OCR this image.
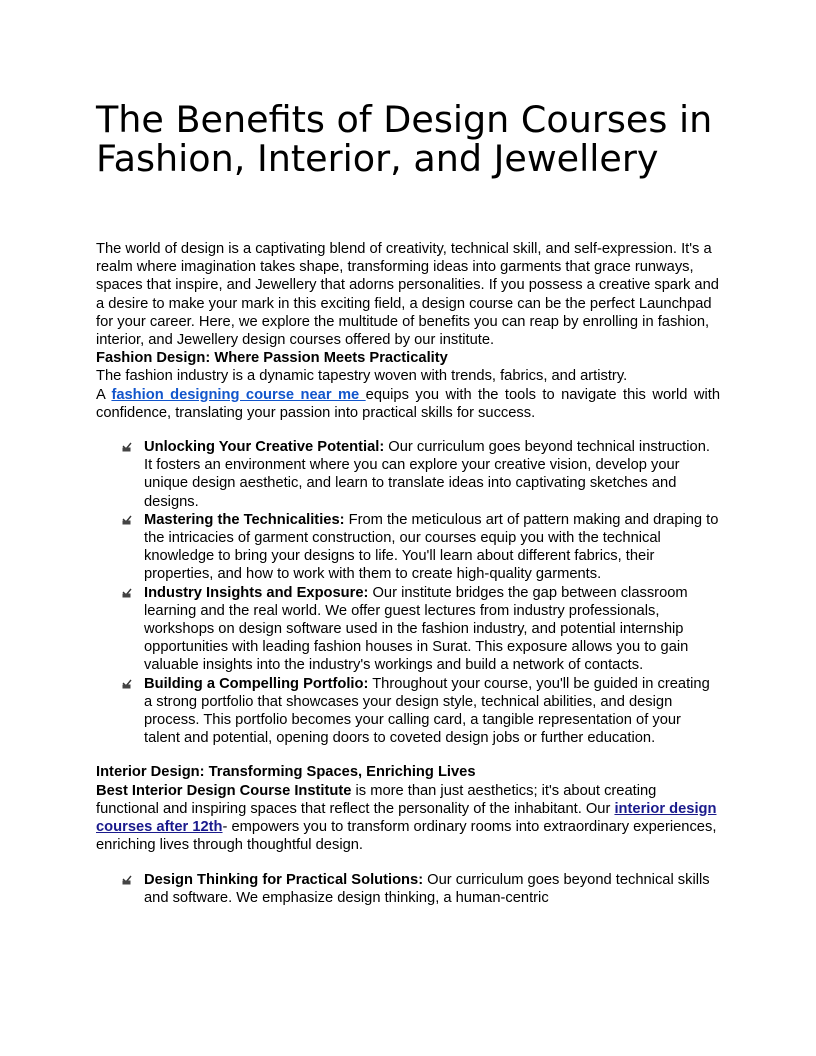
The Benefits of Design Courses in Fashion, Interior, and Jewellery

The world of design is a captivating blend of creativity, technical skill, and self-expression. It's a realm where imagination takes shape, transforming ideas into garments that grace runways, spaces that inspire, and Jewellery that adorns personalities. If you possess a creative spark and a desire to make your mark in this exciting field, a design course can be the perfect Launchpad for your career. Here, we explore the multitude of benefits you can reap by enrolling in fashion, interior, and Jewellery design courses offered by our institute.

Fashion Design: Where Passion Meets Practicality

The fashion industry is a dynamic tapestry woven with trends, fabrics, and artistry.

A fashion designing course near me equips you with the tools to navigate this world with confidence, translating your passion into practical skills for success.

Unlocking Your Creative Potential: Our curriculum goes beyond technical instruction. It fosters an environment where you can explore your creative vision, develop your unique design aesthetic, and learn to translate ideas into captivating sketches and designs.
Mastering the Technicalities: From the meticulous art of pattern making and draping to the intricacies of garment construction, our courses equip you with the technical knowledge to bring your designs to life. You'll learn about different fabrics, their properties, and how to work with them to create high-quality garments.
Industry Insights and Exposure: Our institute bridges the gap between classroom learning and the real world. We offer guest lectures from industry professionals, workshops on design software used in the fashion industry, and potential internship opportunities with leading fashion houses in Surat. This exposure allows you to gain valuable insights into the industry's workings and build a network of contacts.
Building a Compelling Portfolio: Throughout your course, you'll be guided in creating a strong portfolio that showcases your design style, technical abilities, and design process. This portfolio becomes your calling card, a tangible representation of your talent and potential, opening doors to coveted design jobs or further education.

Interior Design: Transforming Spaces, Enriching Lives

Best Interior Design Course Institute is more than just aesthetics; it's about creating functional and inspiring spaces that reflect the personality of the inhabitant. Our interior design courses after 12th- empowers you to transform ordinary rooms into extraordinary experiences, enriching lives through thoughtful design.

Design Thinking for Practical Solutions: Our curriculum goes beyond technical skills and software. We emphasize design thinking, a human-centric
